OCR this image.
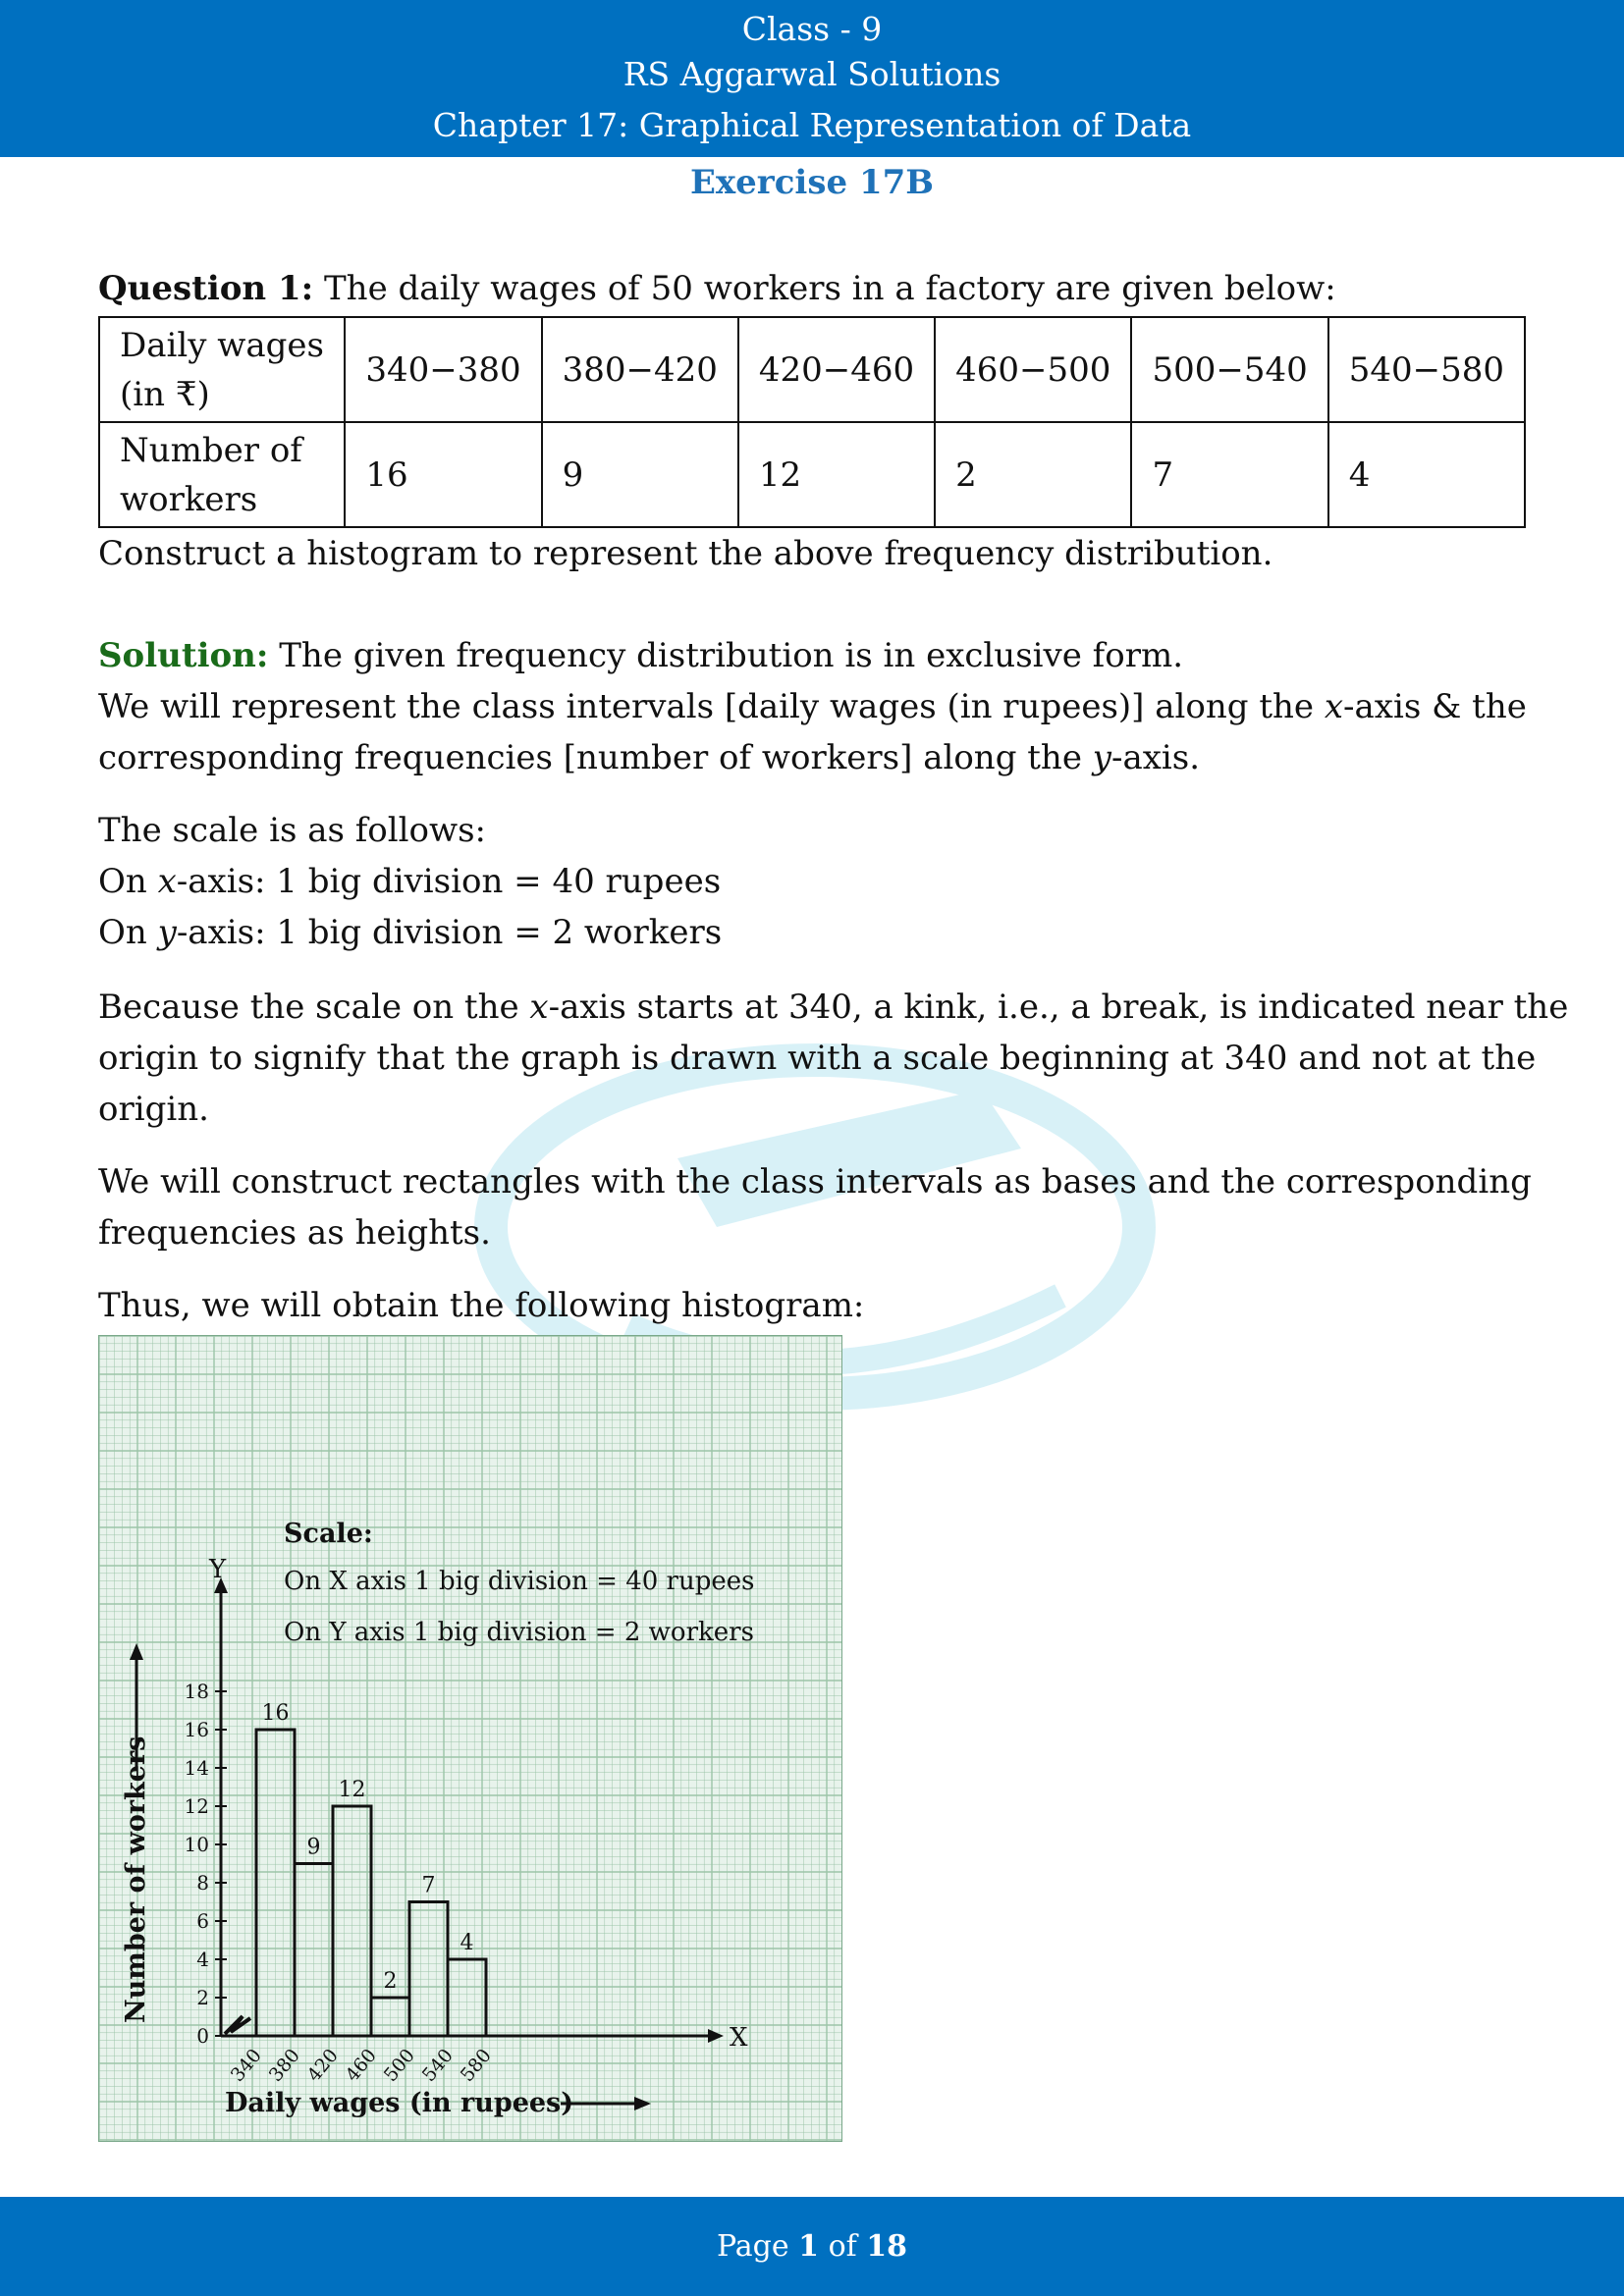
Class - 9
RS Aggarwal Solutions
Chapter 17: Graphical Representation of Data
Exercise 17B
Question 1: The daily wages of 50 workers in a factory are given below:
Daily wages
(in ₹)	340−380	380−420	420−460	460−500	500−540	540−580

Number of
workers	16	9	12	2	7	4
Construct a histogram to represent the above frequency distribution.
Solution: The given frequency distribution is in exclusive form.
We will represent the class intervals [daily wages (in rupees)] along the x-axis & the
corresponding frequencies [number of workers] along the y-axis.
The scale is as follows:
On x-axis: 1 big division = 40 rupees
On y-axis: 1 big division = 2 workers
Because the scale on the x-axis starts at 340, a kink, i.e., a break, is indicated near the
origin to signify that the graph is drawn with a scale beginning at 340 and not at the
origin.
We will construct rectangles with the class intervals as bases and the corresponding
frequencies as heights.
Thus, we will obtain the following histogram:
0
2
4
6
8
10
12
14
16
18
16
9
12
2
7
4
340
380
420
460
500
540
580
X
Y
Daily wages (in rupees)
Number of workers
Scale:
On X axis 1 big division = 40 rupees
On Y axis 1 big division = 2 workers
Page 1 of 18
